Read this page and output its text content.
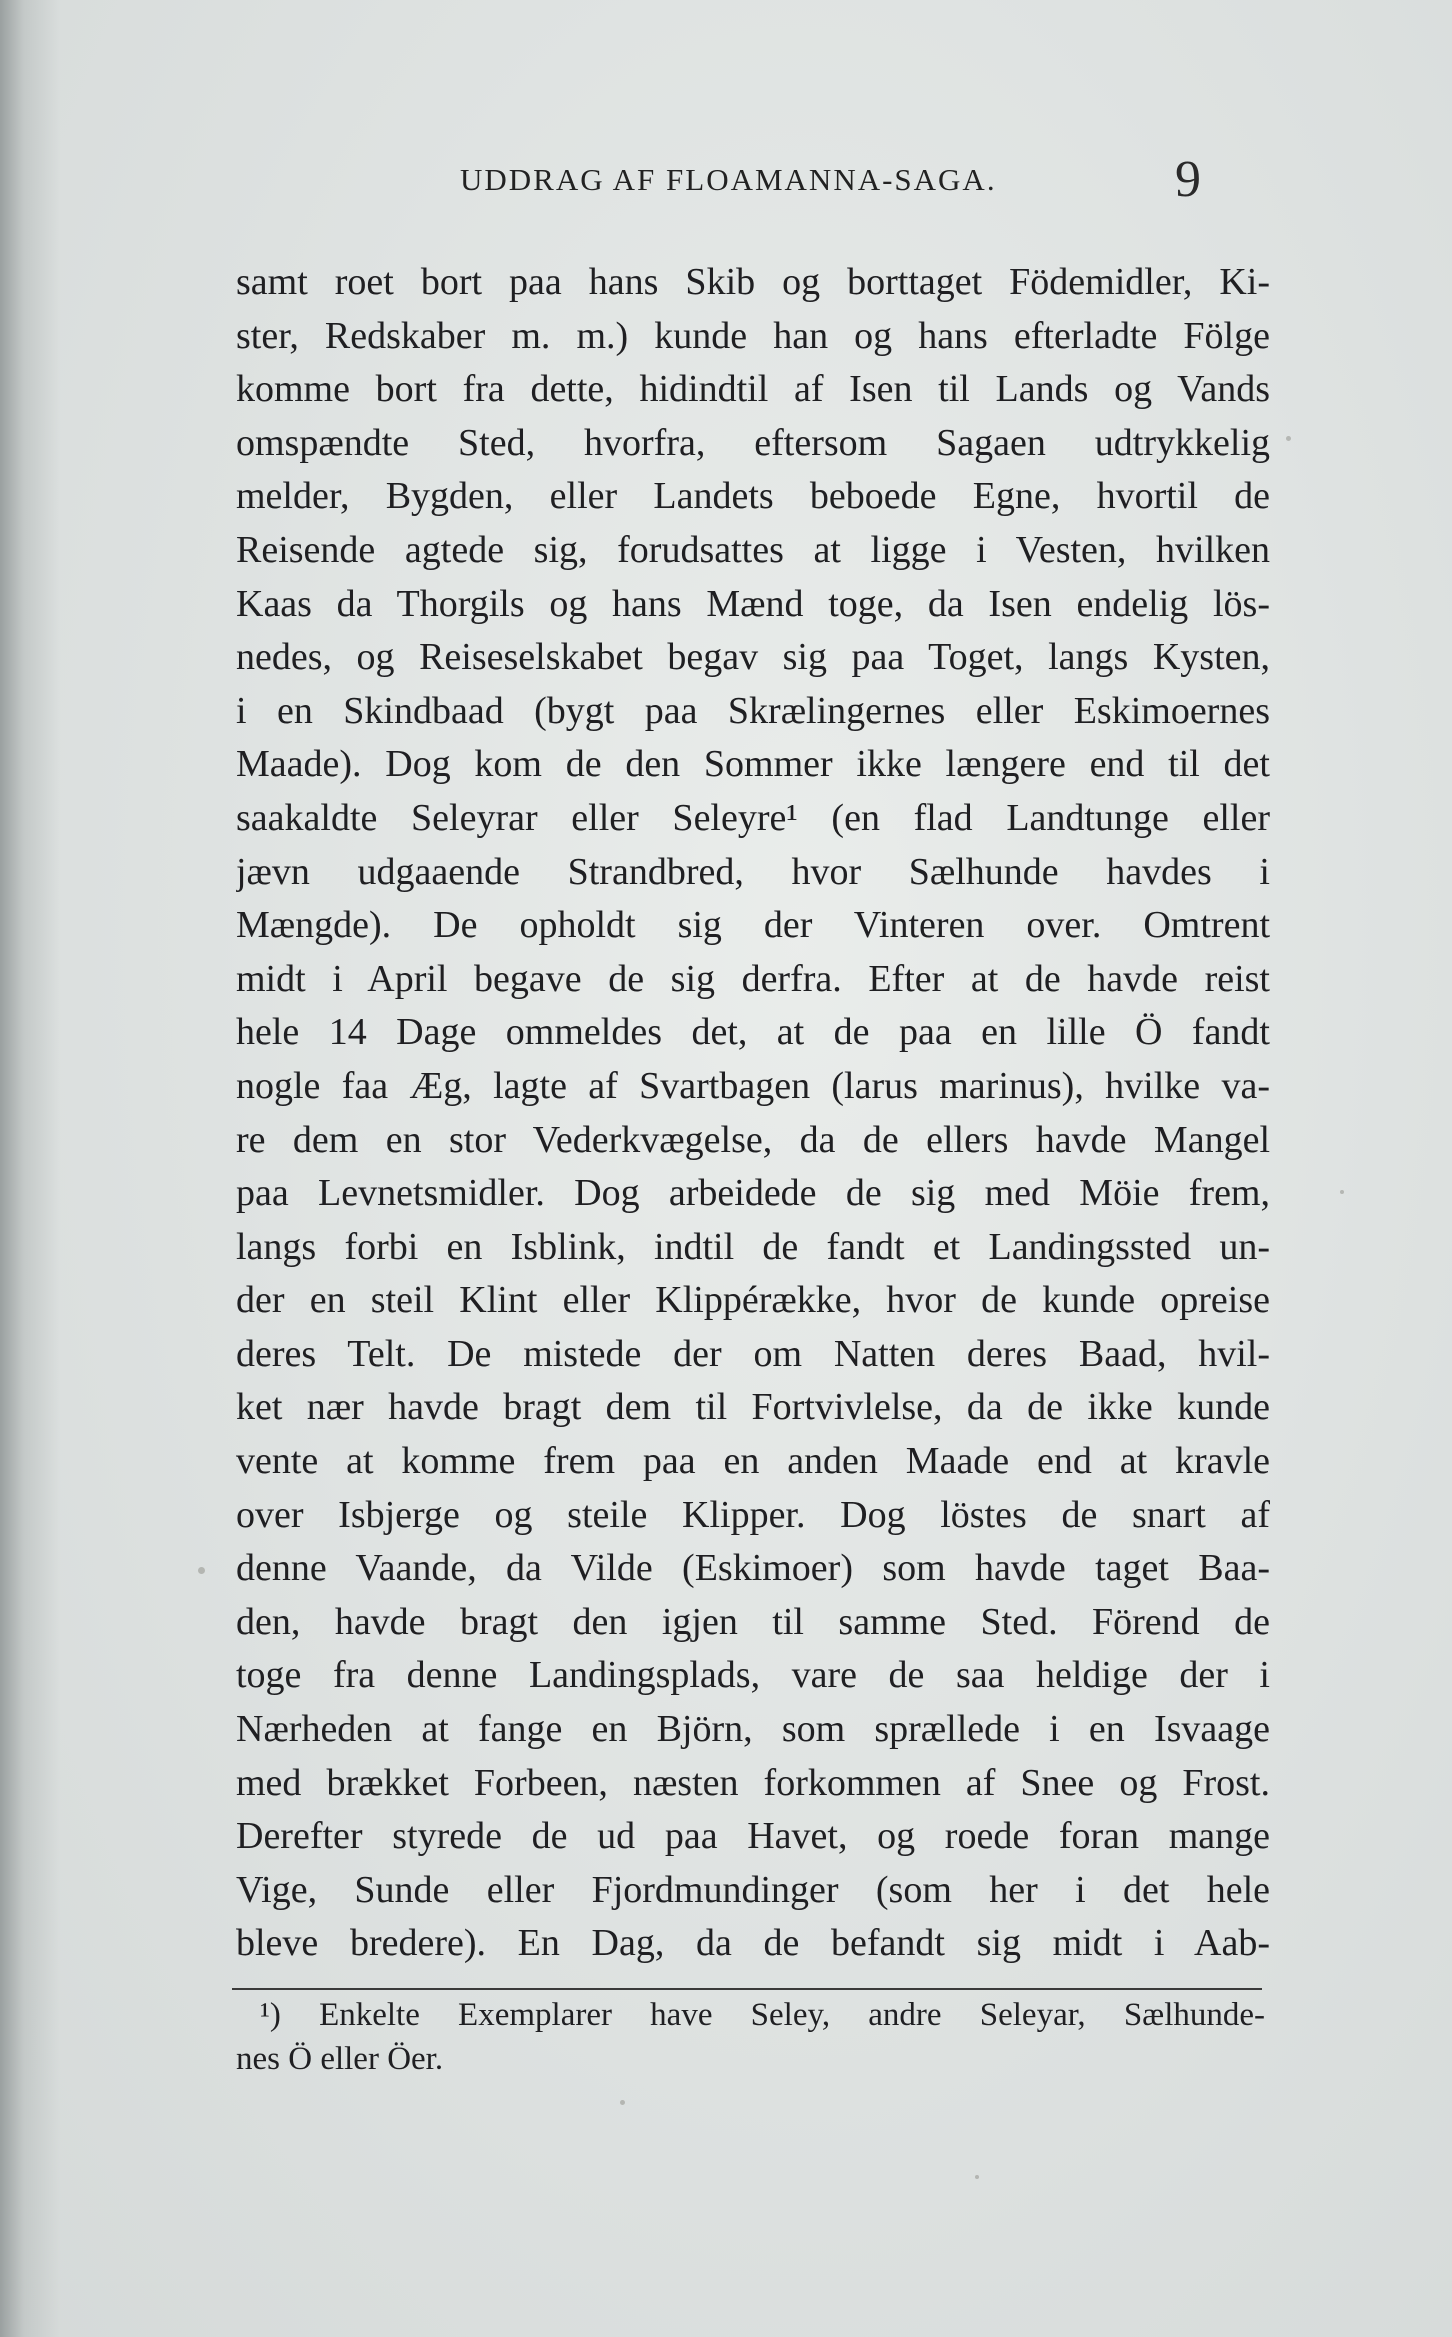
UDDRAG AF FLOAMANNA-SAGA.	9
samt roet bort paa hans Skib og borttaget Födemidler, Ki-
ster, Redskaber m. m.) kunde han og hans efterladte Fölge
komme bort fra dette, hidindtil af Isen til Lands og Vands
omspændte Sted, hvorfra, eftersom Sagaen udtrykkelig
melder, Bygden, eller Landets beboede Egne, hvortil de
Reisende agtede sig, forudsattes at ligge i Vesten, hvilken
Kaas da Thorgils og hans Mænd toge, da Isen endelig lös-
nedes, og Reiseselskabet begav sig paa Toget, langs Kysten,
i en Skindbaad (bygt paa Skrælingernes eller Eskimoernes
Maade). Dog kom de den Sommer ikke længere end til det
saakaldte Seleyrar eller Seleyre¹ (en flad Landtunge eller
jævn udgaaende Strandbred, hvor Sælhunde havdes i
Mængde). De opholdt sig der Vinteren over. Omtrent
midt i April begave de sig derfra. Efter at de havde reist
hele 14 Dage ommeldes det, at de paa en lille Ö fandt
nogle faa Æg, lagte af Svartbagen (larus marinus), hvilke va-
re dem en stor Vederkvægelse, da de ellers havde Mangel
paa Levnetsmidler. Dog arbeidede de sig med Möie frem,
langs forbi en Isblink, indtil de fandt et Landingssted un-
der en steil Klint eller Klippérække, hvor de kunde opreise
deres Telt. De mistede der om Natten deres Baad, hvil-
ket nær havde bragt dem til Fortvivlelse, da de ikke kunde
vente at komme frem paa en anden Maade end at kravle
over Isbjerge og steile Klipper. Dog löstes de snart af
denne Vaande, da Vilde (Eskimoer) som havde taget Baa-
den, havde bragt den igjen til samme Sted. Förend de
toge fra denne Landingsplads, vare de saa heldige der i
Nærheden at fange en Björn, som sprællede i en Isvaage
med brækket Forbeen, næsten forkommen af Snee og Frost.
Derefter styrede de ud paa Havet, og roede foran mange
Vige, Sunde eller Fjordmundinger (som her i det hele
bleve bredere). En Dag, da de befandt sig midt i Aab-
¹) Enkelte Exemplarer have Seley, andre Seleyar, Sælhunde-
nes Ö eller Öer.
